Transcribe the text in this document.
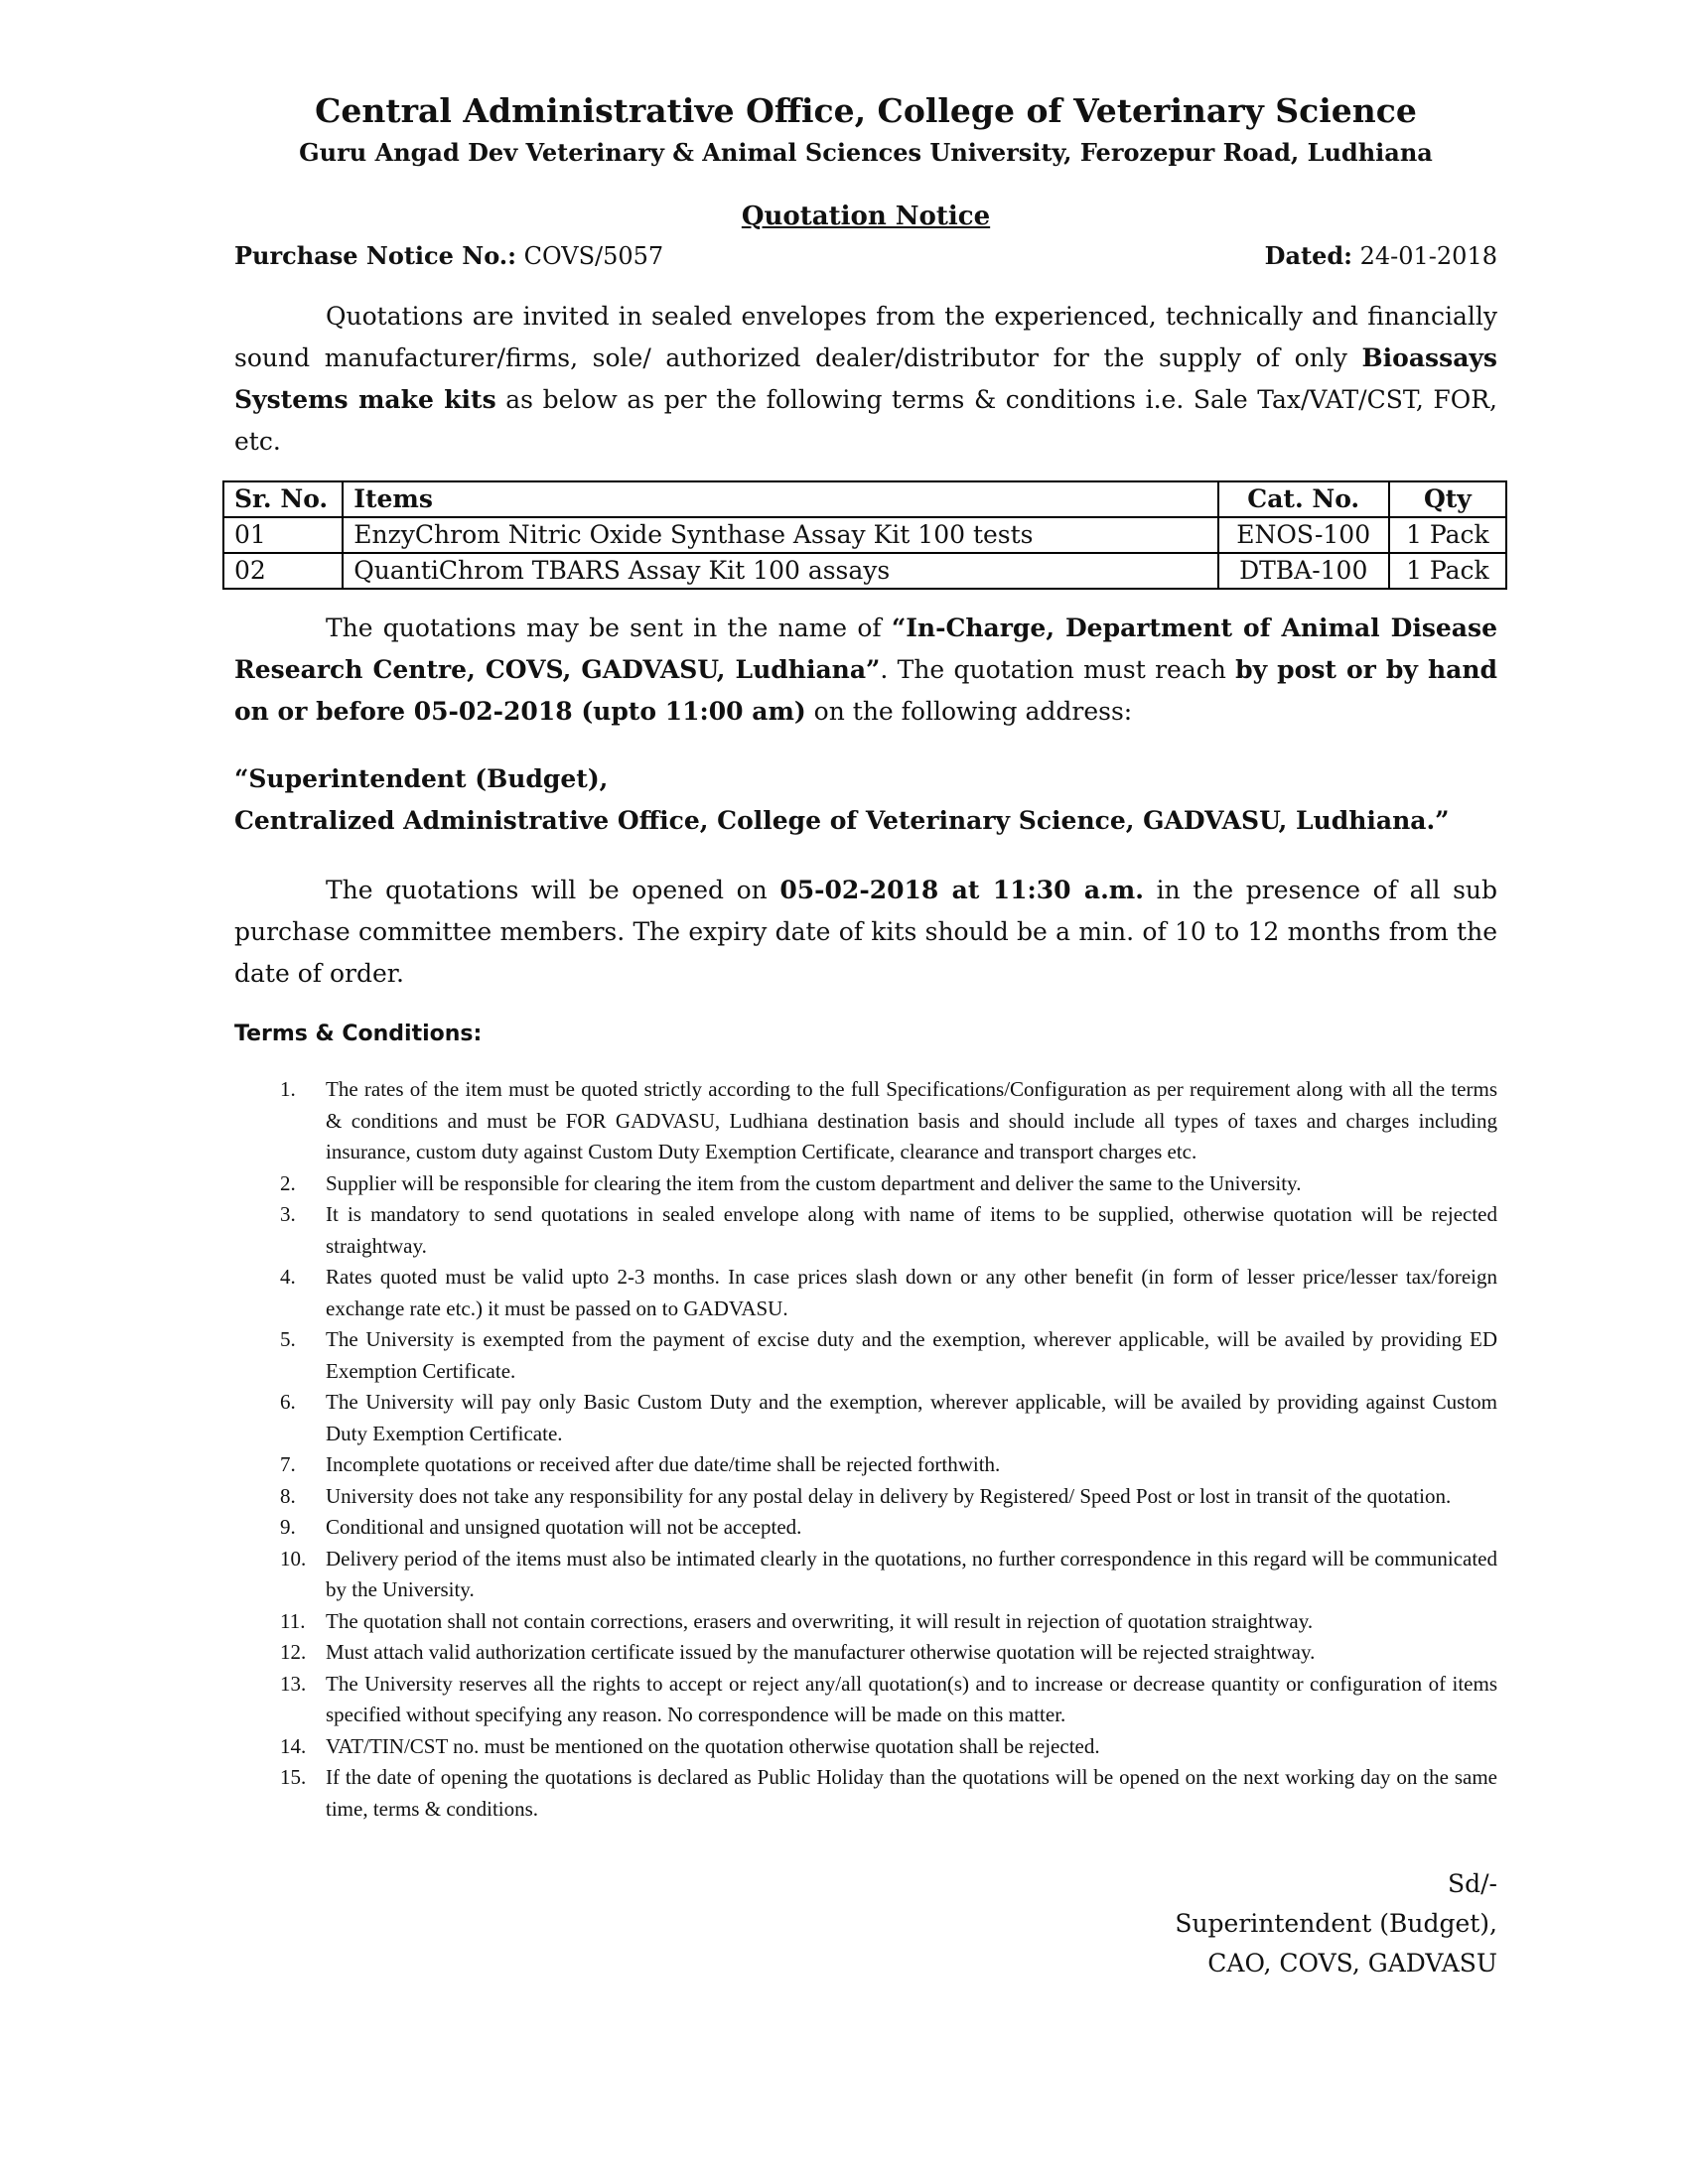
Central Administrative Office, College of Veterinary Science

Guru Angad Dev Veterinary & Animal Sciences University, Ferozepur Road, Ludhiana

Quotation Notice

Purchase Notice No.: COVS/5057	Dated: 24-01-2018

Quotations are invited in sealed envelopes from the experienced, technically and financially sound manufacturer/firms, sole/ authorized dealer/distributor for the supply of only Bioassays Systems make kits as below as per the following terms & conditions i.e. Sale Tax/VAT/CST, FOR, etc.

Sr. No.	Items	Cat. No.	Qty
01	EnzyChrom Nitric Oxide Synthase Assay Kit 100 tests	ENOS-100	1 Pack
02	QuantiChrom TBARS Assay Kit 100 assays	DTBA-100	1 Pack

The quotations may be sent in the name of “In-Charge, Department of Animal Disease Research Centre, COVS, GADVASU, Ludhiana”. The quotation must reach by post or by hand on or before 05-02-2018 (upto 11:00 am) on the following address:

“Superintendent (Budget),
Centralized Administrative Office, College of Veterinary Science, GADVASU, Ludhiana.”

The quotations will be opened on 05-02-2018 at 11:30 a.m. in the presence of all sub purchase committee members. The expiry date of kits should be a min. of 10 to 12 months from the date of order.

Terms & Conditions:
1.	The rates of the item must be quoted strictly according to the full Specifications/Configuration as per requirement along with all the terms & conditions and must be FOR GADVASU, Ludhiana destination basis and should include all types of taxes and charges including insurance, custom duty against Custom Duty Exemption Certificate, clearance and transport charges etc.
2.	Supplier will be responsible for clearing the item from the custom department and deliver the same to the University.
3.	It is mandatory to send quotations in sealed envelope along with name of items to be supplied, otherwise quotation will be rejected straightway.
4.	Rates quoted must be valid upto 2-3 months. In case prices slash down or any other benefit (in form of lesser price/lesser tax/foreign exchange rate etc.) it must be passed on to GADVASU.
5.	The University is exempted from the payment of excise duty and the exemption, wherever applicable, will be availed by providing ED Exemption Certificate.
6.	The University will pay only Basic Custom Duty and the exemption, wherever applicable, will be availed by providing against Custom Duty Exemption Certificate.
7.	Incomplete quotations or received after due date/time shall be rejected forthwith.
8.	University does not take any responsibility for any postal delay in delivery by Registered/ Speed Post or lost in transit of the quotation.
9.	Conditional and unsigned quotation will not be accepted.
10. Delivery period of the items must also be intimated clearly in the quotations, no further correspondence in this regard will be communicated by the University.
11. The quotation shall not contain corrections, erasers and overwriting, it will result in rejection of quotation straightway.
12. Must attach valid authorization certificate issued by the manufacturer otherwise quotation will be rejected straightway.
13. The University reserves all the rights to accept or reject any/all quotation(s) and to increase or decrease quantity or configuration of items specified without specifying any reason. No correspondence will be made on this matter.
14. VAT/TIN/CST no. must be mentioned on the quotation otherwise quotation shall be rejected.
15. If the date of opening the quotations is declared as Public Holiday than the quotations will be opened on the next working day on the same time, terms & conditions.
Sd/-
Superintendent (Budget),
CAO, COVS, GADVASU
